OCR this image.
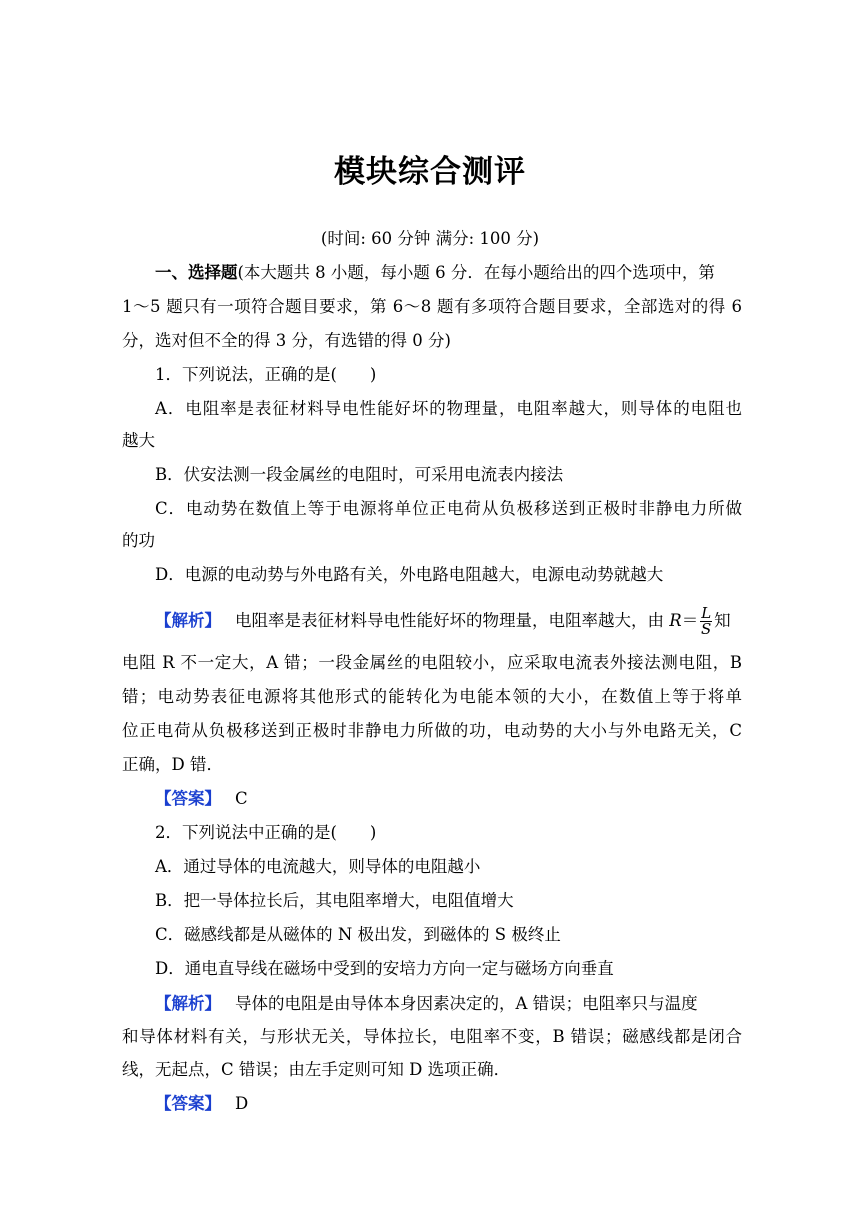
模块综合测评
(时间: 60 分钟 满分: 100 分)
一、选择题(本大题共 8 小题，每小题 6 分．在每小题给出的四个选项中，第
1～5 题只有一项符合题目要求，第 6～8 题有多项符合题目要求，全部选对的得 6
分，选对但不全的得 3 分，有选错的得 0 分)
1．下列说法，正确的是(　　)
A．电阻率是表征材料导电性能好坏的物理量，电阻率越大，则导体的电阻也
越大
B．伏安法测一段金属丝的电阻时，可采用电流表内接法
C．电动势在数值上等于电源将单位正电荷从负极移送到正极时非静电力所做
的功
D．电源的电动势与外电路有关，外电路电阻越大，电源电动势就越大
【解析】 电阻率是表征材料导电性能好坏的物理量，电阻率越大，由 $R= \frac{L}{S}$ 知
电阻 R 不一定大，A 错；一段金属丝的电阻较小，应采取电流表外接法测电阻，B
错；电动势表征电源将其他形式的能转化为电能本领的大小，在数值上等于将单
位正电荷从负极移送到正极时非静电力所做的功，电动势的大小与外电路无关，C
正确，D 错．
【答案】 C
2．下列说法中正确的是(　　)
A．通过导体的电流越大，则导体的电阻越小
B．把一导体拉长后，其电阻率增大，电阻值增大
C．磁感线都是从磁体的 N 极出发，到磁体的 S 极终止
D．通电直导线在磁场中受到的安培力方向一定与磁场方向垂直
【解析】 导体的电阻是由导体本身因素决定的，A 错误；电阻率只与温度
和导体材料有关，与形状无关，导体拉长，电阻率不变，B 错误；磁感线都是闭合
线，无起点，C 错误；由左手定则可知 D 选项正确．
【答案】 D
